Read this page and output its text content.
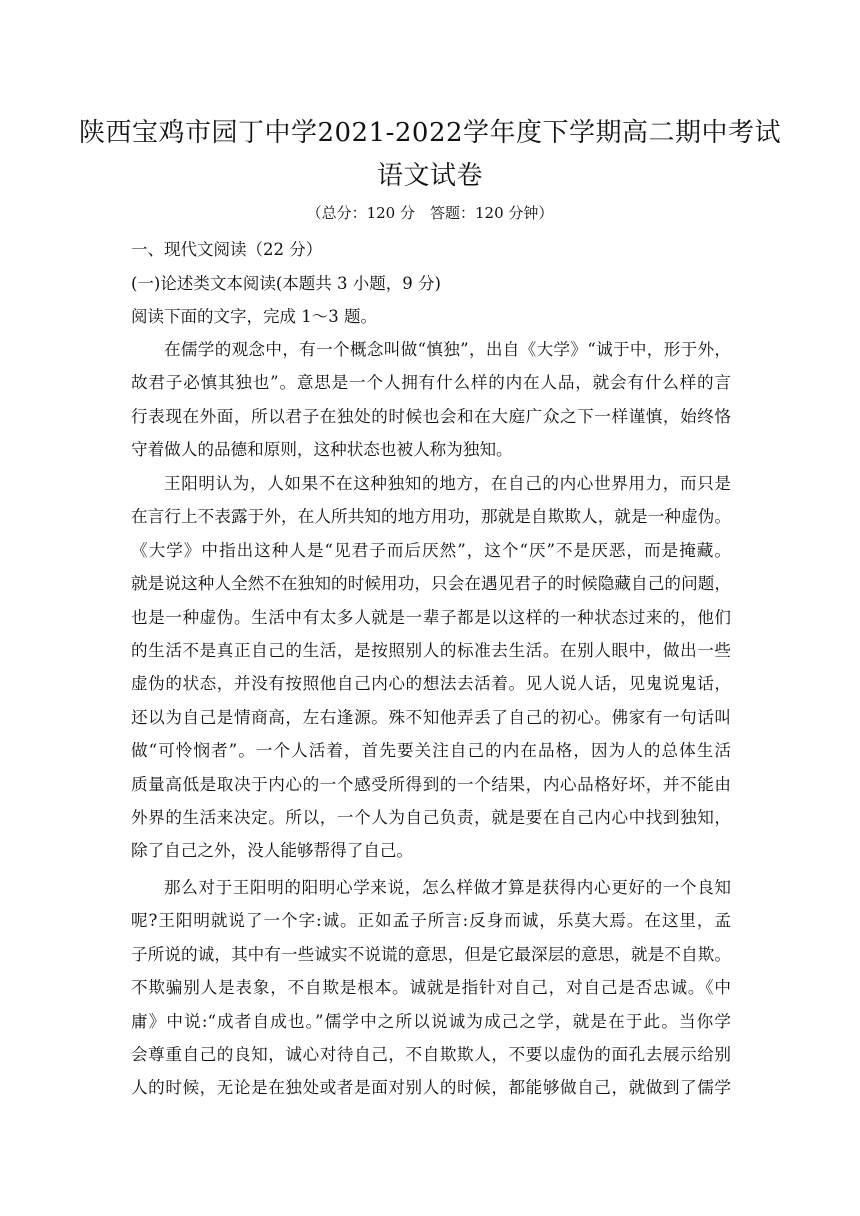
陕西宝鸡市园丁中学2021-2022学年度下学期高二期中考试
语文试卷
（总分：120 分　答题：120 分钟）
一、现代文阅读（22 分）
(一)论述类文本阅读(本题共 3 小题，9 分)
阅读下面的文字，完成 1～3 题。
在儒学的观念中，有一个概念叫做“慎独”，出自《大学》“诚于中，形于外，
故君子必慎其独也”。意思是一个人拥有什么样的内在人品，就会有什么样的言
行表现在外面，所以君子在独处的时候也会和在大庭广众之下一样谨慎，始终恪
守着做人的品德和原则，这种状态也被人称为独知。
王阳明认为，人如果不在这种独知的地方，在自己的内心世界用力，而只是
在言行上不表露于外，在人所共知的地方用功，那就是自欺欺人，就是一种虚伪。
《大学》中指出这种人是“见君子而后厌然”，这个“厌”不是厌恶，而是掩藏。
就是说这种人全然不在独知的时候用功，只会在遇见君子的时候隐藏自己的问题，
也是一种虚伪。生活中有太多人就是一辈子都是以这样的一种状态过来的，他们
的生活不是真正自己的生活，是按照别人的标准去生活。在别人眼中，做出一些
虚伪的状态，并没有按照他自己内心的想法去活着。见人说人话，见鬼说鬼话，
还以为自己是情商高，左右逢源。殊不知他弄丢了自己的初心。佛家有一句话叫
做“可怜悯者”。一个人活着，首先要关注自己的内在品格，因为人的总体生活
质量高低是取决于内心的一个感受所得到的一个结果，内心品格好坏，并不能由
外界的生活来决定。所以，一个人为自己负责，就是要在自己内心中找到独知，
除了自己之外，没人能够帮得了自己。
那么对于王阳明的阳明心学来说，怎么样做才算是获得内心更好的一个良知
呢?王阳明就说了一个字:诚。正如孟子所言:反身而诚，乐莫大焉。在这里，孟
子所说的诚，其中有一些诚实不说谎的意思，但是它最深层的意思，就是不自欺。
不欺骗别人是表象，不自欺是根本。诚就是指针对自己，对自己是否忠诚。《中
庸》中说:“成者自成也。”儒学中之所以说诚为成己之学，就是在于此。当你学
会尊重自己的良知，诚心对待自己，不自欺欺人，不要以虚伪的面孔去展示给别
人的时候，无论是在独处或者是面对别人的时候，都能够做自己，就做到了儒学
